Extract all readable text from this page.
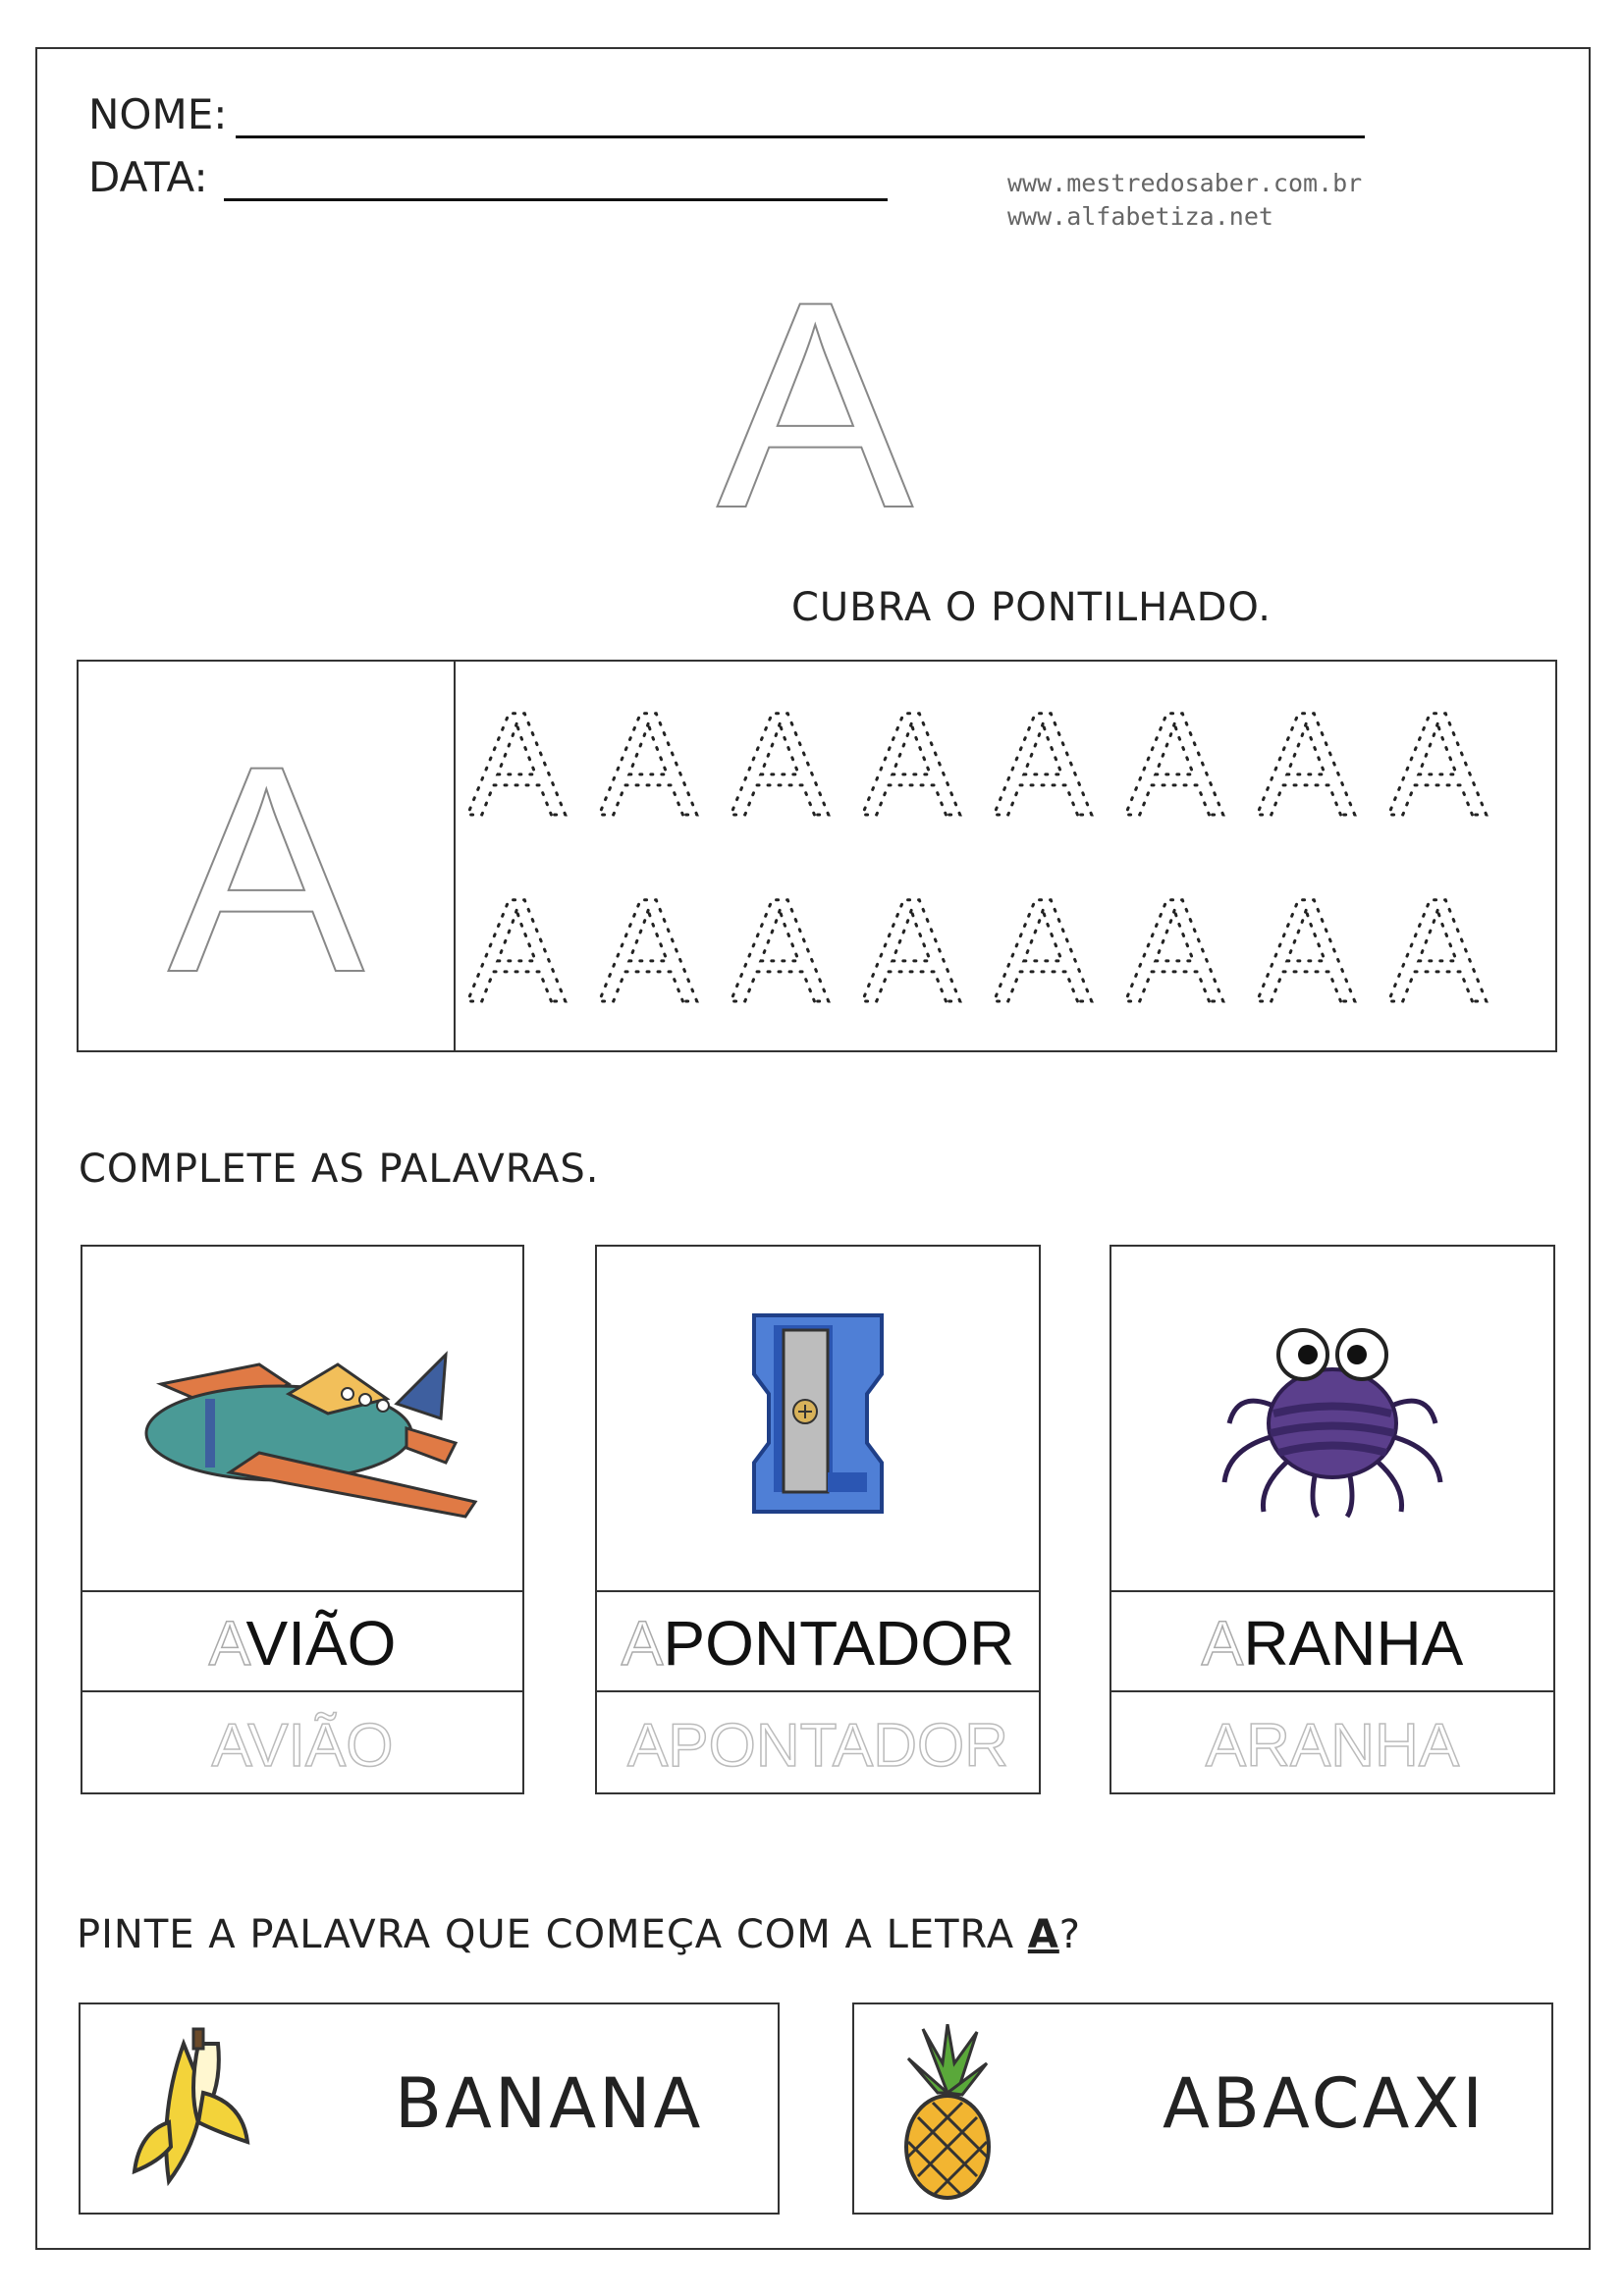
NOME:
DATA:	www.mestredosaber.com.br
www.alfabetiza.net
A
CUBRA O PONTILHADO.
A A A A A A A A A
A A A A A A A A
COMPLETE AS PALAVRAS.
AVIÃO
AVIÃO
APONTADOR
APONTADOR
ARANHA
ARANHA
PINTE A PALAVRA QUE COMEÇA COM A LETRA A?
BANANA	ABACAXI
